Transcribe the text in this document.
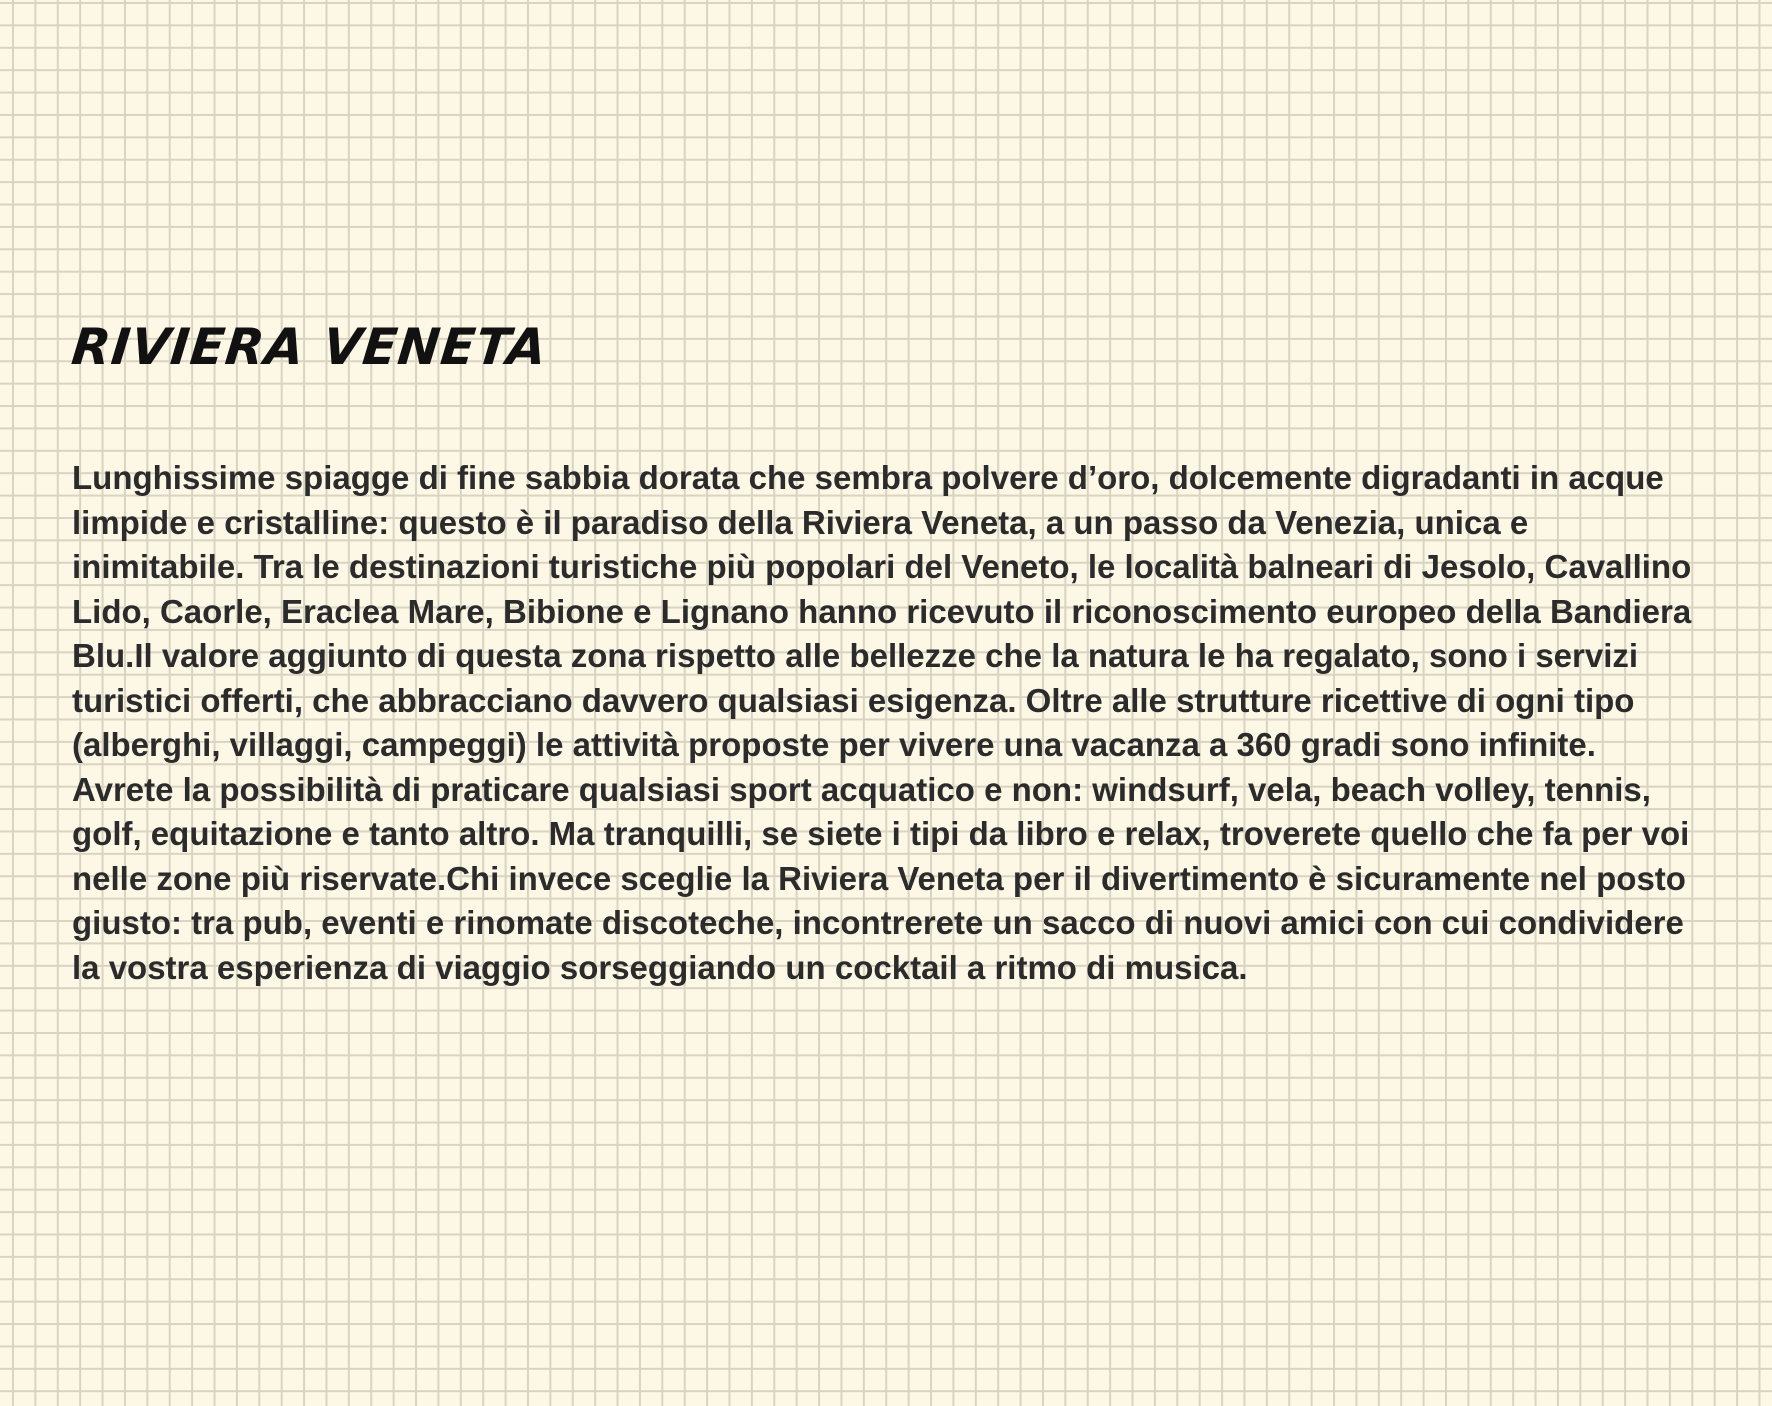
RIVIERA VENETA

Lunghissime spiagge di fine sabbia dorata che sembra polvere d’oro, dolcemente digradanti in acque limpide e cristalline: questo è il paradiso della Riviera Veneta, a un passo da Venezia, unica e inimitabile. Tra le destinazioni turistiche più popolari del Veneto, le località balneari di Jesolo, Cavallino Lido, Caorle, Eraclea Mare, Bibione e Lignano hanno ricevuto il riconoscimento europeo della Bandiera Blu.Il valore aggiunto di questa zona rispetto alle bellezze che la natura le ha regalato, sono i servizi turistici offerti, che abbracciano davvero qualsiasi esigenza. Oltre alle strutture ricettive di ogni tipo (alberghi, villaggi, campeggi) le attività proposte per vivere una vacanza a 360 gradi sono infinite. Avrete la possibilità di praticare qualsiasi sport acquatico e non: windsurf, vela, beach volley, tennis, golf, equitazione e tanto altro. Ma tranquilli, se siete i tipi da libro e relax, troverete quello che fa per voi nelle zone più riservate.Chi invece sceglie la Riviera Veneta per il divertimento è sicuramente nel posto giusto: tra pub, eventi e rinomate discoteche, incontrerete un sacco di nuovi amici con cui condividere la vostra esperienza di viaggio sorseggiando un cocktail a ritmo di musica.
